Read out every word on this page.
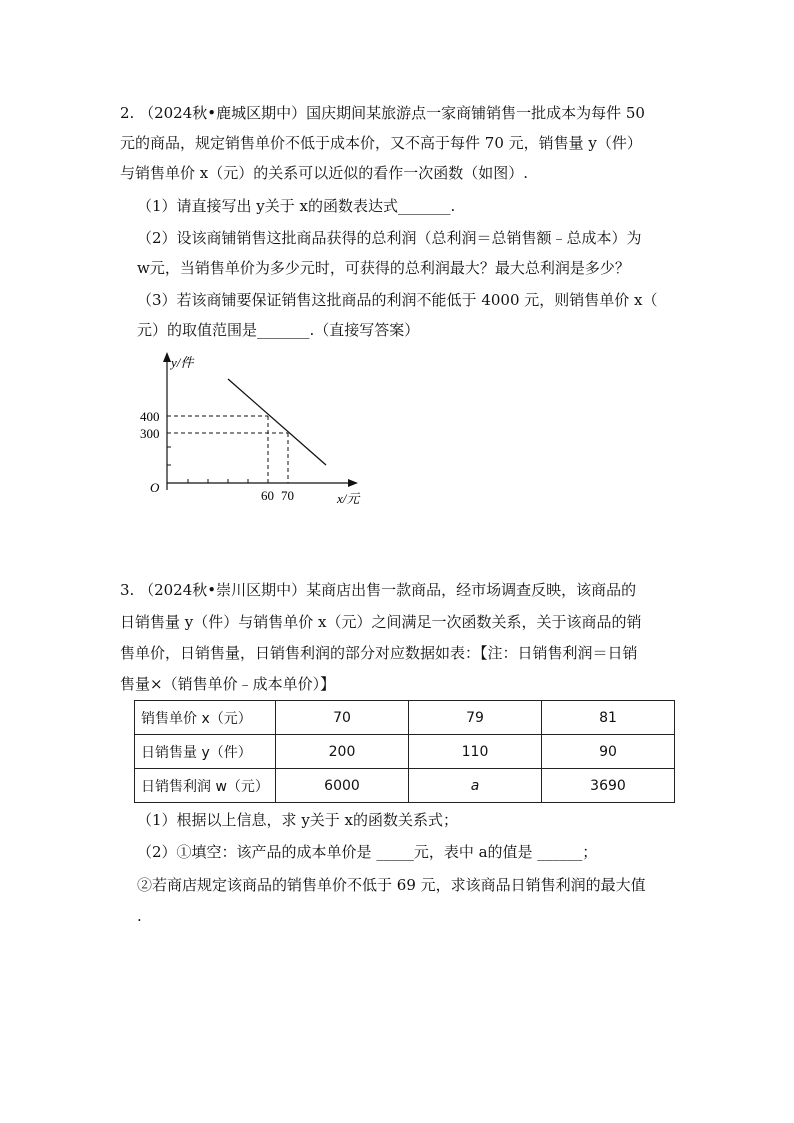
2. （2024秋•鹿城区期中）国庆期间某旅游点一家商铺销售一批成本为每件 50
元的商品，规定销售单价不低于成本价，又不高于每件 70 元，销售量 y（件）
与销售单价 x（元）的关系可以近似的看作一次函数（如图）.
（1）请直接写出 y关于 x的函数表达式_______.
（2）设该商铺销售这批商品获得的总利润（总利润＝总销售额﹣总成本）为
w元，当销售单价为多少元时，可获得的总利润最大？最大总利润是多少？
（3）若该商铺要保证销售这批商品的利润不能低于 4000 元，则销售单价 x（
元）的取值范围是_______.（直接写答案）
y/件
O
400
300
60 70	x/元
3. （2024秋•崇川区期中）某商店出售一款商品，经市场调查反映，该商品的
日销售量 y（件）与销售单价 x（元）之间满足一次函数关系，关于该商品的销
售单价，日销售量，日销售利润的部分对应数据如表：【注：日销售利润＝日销
售量×（销售单价﹣成本单价）】
销售单价 x（元）	70	79	81
日销售量 y（件）	200	110	90
日销售利润 w（元）	6000	a	3690
（1）根据以上信息，求 y关于 x的函数关系式；
（2）①填空：该产品的成本单价是 _____元，表中 a的值是 ______；
②若商店规定该商品的销售单价不低于 69 元，求该商品日销售利润的最大值
.
